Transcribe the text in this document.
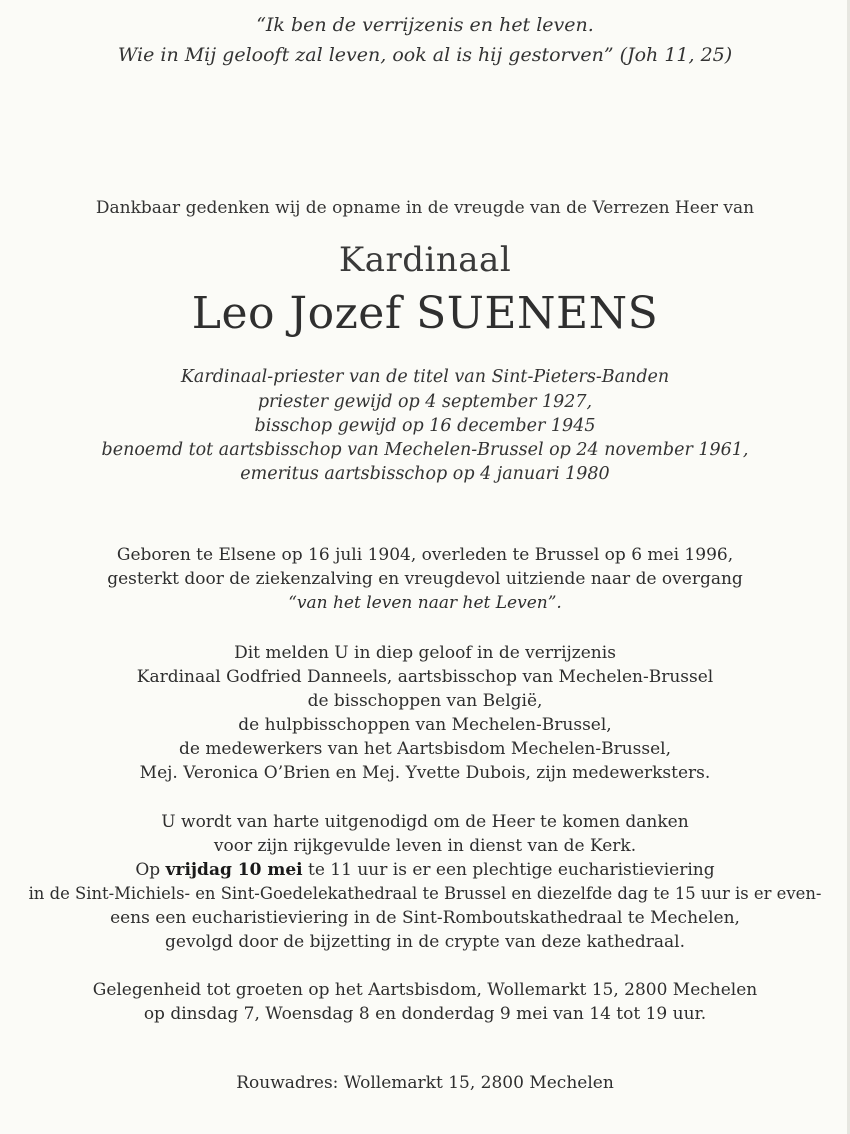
“Ik ben de verrijzenis en het leven.
Wie in Mij gelooft zal leven, ook al is hij gestorven” (Joh 11, 25)
Dankbaar gedenken wij de opname in de vreugde van de Verrezen Heer van
Kardinaal
Leo Jozef SUENENS
Kardinaal-priester van de titel van Sint-Pieters-Banden
priester gewijd op 4 september 1927,
bisschop gewijd op 16 december 1945
benoemd tot aartsbisschop van Mechelen-Brussel op 24 november 1961,
emeritus aartsbisschop op 4 januari 1980
Geboren te Elsene op 16 juli 1904, overleden te Brussel op 6 mei 1996,
gesterkt door de ziekenzalving en vreugdevol uitziende naar de overgang
“van het leven naar het Leven”.
Dit melden U in diep geloof in de verrijzenis
Kardinaal Godfried Danneels, aartsbisschop van Mechelen-Brussel
de bisschoppen van België,
de hulpbisschoppen van Mechelen-Brussel,
de medewerkers van het Aartsbisdom Mechelen-Brussel,
Mej. Veronica O’Brien en Mej. Yvette Dubois, zijn medewerksters.
U wordt van harte uitgenodigd om de Heer te komen danken
voor zijn rijkgevulde leven in dienst van de Kerk.
Op vrijdag 10 mei te 11 uur is er een plechtige eucharistieviering
in de Sint-Michiels- en Sint-Goedelekathedraal te Brussel en diezelfde dag te 15 uur is er even-
eens een eucharistieviering in de Sint-Romboutskathedraal te Mechelen,
gevolgd door de bijzetting in de crypte van deze kathedraal.
Gelegenheid tot groeten op het Aartsbisdom, Wollemarkt 15, 2800 Mechelen
op dinsdag 7, Woensdag 8 en donderdag 9 mei van 14 tot 19 uur.
Rouwadres: Wollemarkt 15, 2800 Mechelen
